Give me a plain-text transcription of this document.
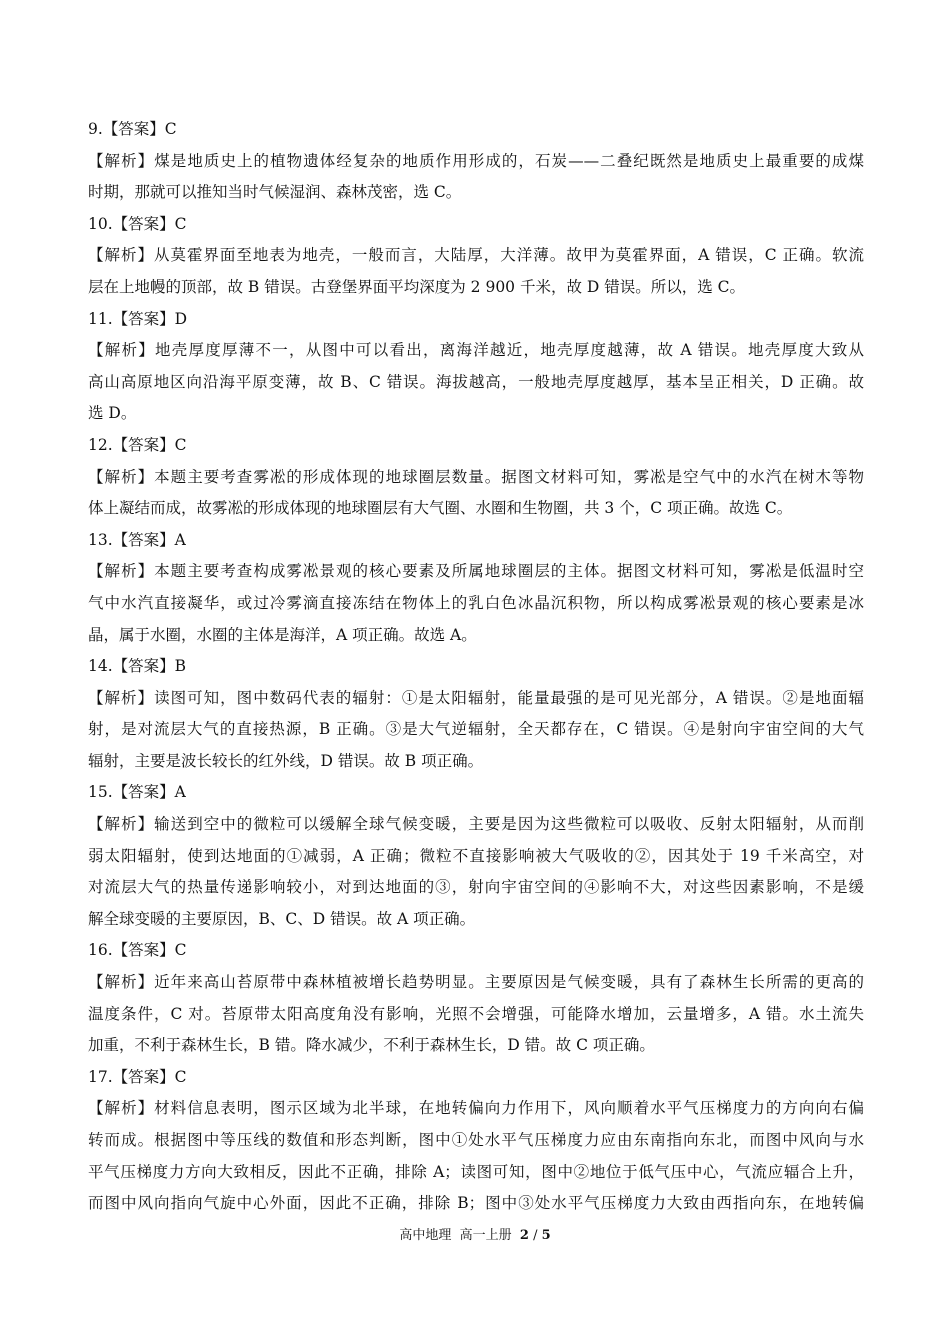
9.【答案】C
【解析】煤是地质史上的植物遗体经复杂的地质作用形成的，石炭——二叠纪既然是地质史上最重要的成煤
时期，那就可以推知当时气候湿润、森林茂密，选 C。
10.【答案】C
【解析】从莫霍界面至地表为地壳，一般而言，大陆厚，大洋薄。故甲为莫霍界面，A 错误，C 正确。软流
层在上地幔的顶部，故 B 错误。古登堡界面平均深度为 2 900 千米，故 D 错误。所以，选 C。
11.【答案】D
【解析】地壳厚度厚薄不一，从图中可以看出，离海洋越近，地壳厚度越薄，故 A 错误。地壳厚度大致从
高山高原地区向沿海平原变薄，故 B、C 错误。海拔越高，一般地壳厚度越厚，基本呈正相关，D 正确。故
选 D。
12.【答案】C
【解析】本题主要考查雾凇的形成体现的地球圈层数量。据图文材料可知，雾凇是空气中的水汽在树木等物
体上凝结而成，故雾凇的形成体现的地球圈层有大气圈、水圈和生物圈，共 3 个，C 项正确。故选 C。
13.【答案】A
【解析】本题主要考查构成雾凇景观的核心要素及所属地球圈层的主体。据图文材料可知，雾凇是低温时空
气中水汽直接凝华，或过冷雾滴直接冻结在物体上的乳白色冰晶沉积物，所以构成雾凇景观的核心要素是冰
晶，属于水圈，水圈的主体是海洋，A 项正确。故选 A。
14.【答案】B
【解析】读图可知，图中数码代表的辐射：①是太阳辐射，能量最强的是可见光部分，A 错误。②是地面辐
射，是对流层大气的直接热源，B 正确。③是大气逆辐射，全天都存在，C 错误。④是射向宇宙空间的大气
辐射，主要是波长较长的红外线，D 错误。故 B 项正确。
15.【答案】A
【解析】输送到空中的微粒可以缓解全球气候变暖，主要是因为这些微粒可以吸收、反射太阳辐射，从而削
弱太阳辐射，使到达地面的①减弱，A 正确；微粒不直接影响被大气吸收的②，因其处于 19 千米高空，对
对流层大气的热量传递影响较小，对到达地面的③，射向宇宙空间的④影响不大，对这些因素影响，不是缓
解全球变暖的主要原因，B、C、D 错误。故 A 项正确。
16.【答案】C
【解析】近年来高山苔原带中森林植被增长趋势明显。主要原因是气候变暖，具有了森林生长所需的更高的
温度条件，C 对。苔原带太阳高度角没有影响，光照不会增强，可能降水增加，云量增多，A 错。水土流失
加重，不利于森林生长，B 错。降水减少，不利于森林生长，D 错。故 C 项正确。
17.【答案】C
【解析】材料信息表明，图示区域为北半球，在地转偏向力作用下，风向顺着水平气压梯度力的方向向右偏
转而成。根据图中等压线的数值和形态判断，图中①处水平气压梯度力应由东南指向东北，而图中风向与水
平气压梯度力方向大致相反，因此不正确，排除 A；读图可知，图中②地位于低气压中心，气流应辐合上升，
而图中风向指向气旋中心外面，因此不正确，排除 B；图中③处水平气压梯度力大致由西指向东，在地转偏
高中地理 高一上册 2 / 5
